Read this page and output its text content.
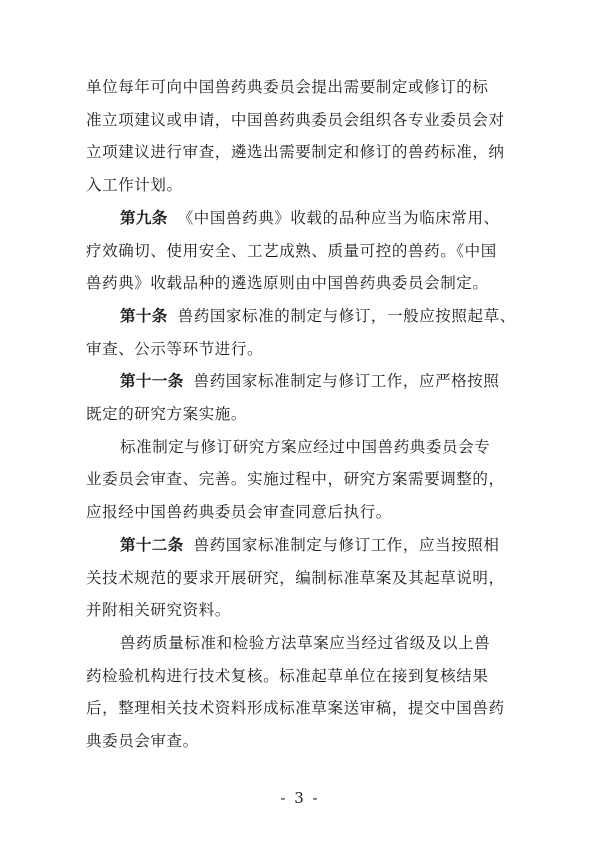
单位每年可向中国兽药典委员会提出需要制定或修订的标
准立项建议或申请，中国兽药典委员会组织各专业委员会对
立项建议进行审查，遴选出需要制定和修订的兽药标准，纳
入工作计划。

第九条 《中国兽药典》收载的品种应当为临床常用、
疗效确切、使用安全、工艺成熟、质量可控的兽药。《中国
兽药典》收载品种的遴选原则由中国兽药典委员会制定。

第十条 兽药国家标准的制定与修订，一般应按照起草、
审查、公示等环节进行。

第十一条 兽药国家标准制定与修订工作，应严格按照
既定的研究方案实施。

标准制定与修订研究方案应经过中国兽药典委员会专
业委员会审查、完善。实施过程中，研究方案需要调整的，
应报经中国兽药典委员会审查同意后执行。

第十二条 兽药国家标准制定与修订工作，应当按照相
关技术规范的要求开展研究，编制标准草案及其起草说明，
并附相关研究资料。

兽药质量标准和检验方法草案应当经过省级及以上兽
药检验机构进行技术复核。标准起草单位在接到复核结果
后，整理相关技术资料形成标准草案送审稿，提交中国兽药
典委员会审查。

- 3 -
